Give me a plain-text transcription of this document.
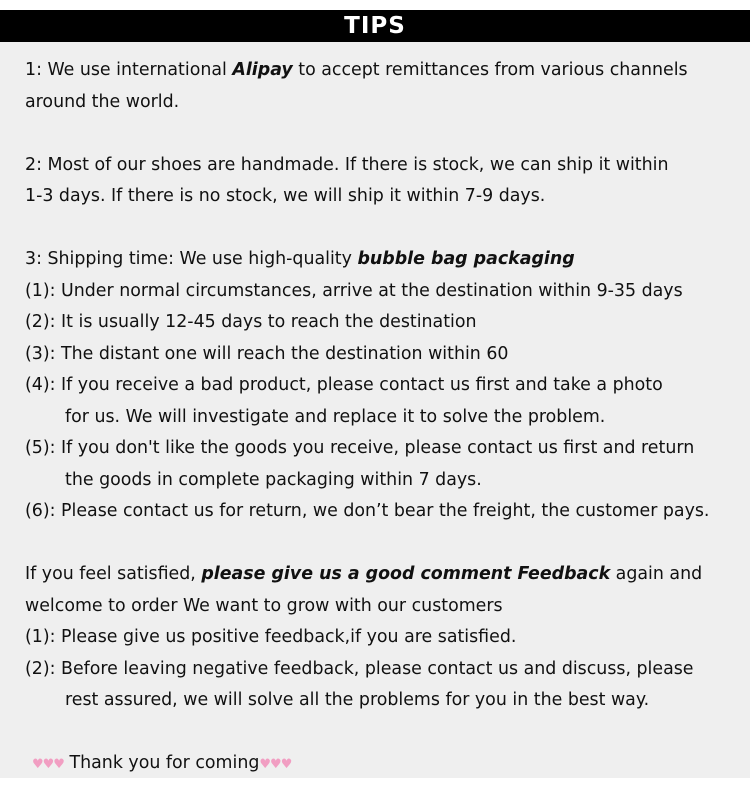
TIPS
1: We use international Alipay to accept remittances from various channels
around the world.
2: Most of our shoes are handmade. If there is stock, we can ship it within
1-3 days. If there is no stock, we will ship it within 7-9 days.
3: Shipping time: We use high-quality bubble bag packaging
(1): Under normal circumstances, arrive at the destination within 9-35 days
(2): It is usually 12-45 days to reach the destination
(3): The distant one will reach the destination within 60
(4): If you receive a bad product, please contact us first and take a photo
for us. We will investigate and replace it to solve the problem.
(5): If you don't like the goods you receive, please contact us first and return
the goods in complete packaging within 7 days.
(6): Please contact us for return, we don’t bear the freight, the customer pays.
If you feel satisfied, please give us a good comment Feedback again and
welcome to order We want to grow with our customers
(1): Please give us positive feedback,if you are satisfied.
(2): Before leaving negative feedback, please contact us and discuss, please
rest assured, we will solve all the problems for you in the best way.
♥♥♥ Thank you for coming♥♥♥
